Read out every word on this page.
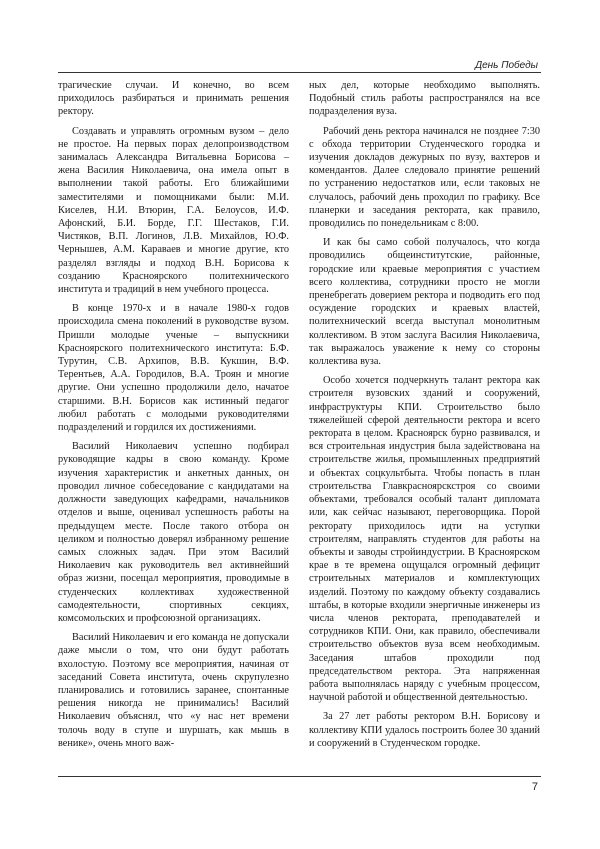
День Победы

трагические случаи. И конечно, во всем приходилось разбираться и принимать решения ректору.

Создавать и управлять огромным вузом – дело не простое. На первых порах делопроизводством занималась Александра Витальевна Борисова – жена Василия Николаевича, она имела опыт в выполнении такой работы. Его ближайшими заместителями и помощниками были: М.И. Киселев, Н.И. Втюрин, Г.А. Белоусов, И.Ф. Афонский, Б.И. Борде, Г.Г. Шестаков, Г.И. Чистяков, В.П. Логинов, Л.В. Михайлов, Ю.Ф. Чернышев, А.М. Караваев и многие другие, кто разделял взгляды и подход В.Н. Борисова к созданию Красноярского политехнического института и традиций в нем учебного процесса.

В конце 1970-х и в начале 1980-х годов происходила смена поколений в руководстве вузом. Пришли молодые ученые – выпускники Красноярского политехнического института: Б.Ф. Турутин, С.В. Архипов, В.В. Кукшин, В.Ф. Терентьев, А.А. Городилов, В.А. Троян и многие другие. Они успешно продолжили дело, начатое старшими. В.Н. Борисов как истинный педагог любил работать с молодыми руководителями подразделений и гордился их достижениями.

Василий Николаевич успешно подбирал руководящие кадры в свою команду. Кроме изучения характеристик и анкетных данных, он проводил личное собеседование с кандидатами на должности заведующих кафедрами, начальников отделов и выше, оценивал успешность работы на предыдущем месте. После такого отбора он целиком и полностью доверял избранному решение самых сложных задач. При этом Василий Николаевич как руководитель вел активнейший образ жизни, посещал мероприятия, проводимые в студенческих коллективах художественной самодеятельности, спортивных секциях, комсомольских и профсоюзной организациях.

Василий Николаевич и его команда не допускали даже мысли о том, что они будут работать вхолостую. Поэтому все мероприятия, начиная от заседаний Совета института, очень скрупулезно планировались и готовились заранее, спонтанные решения никогда не принимались! Василий Николаевич объяснял, что «у нас нет времени толочь воду в ступе и шуршать, как мышь в венике», очень много важ-

ных дел, которые необходимо выполнять. Подобный стиль работы распространялся на все подразделения вуза.

Рабочий день ректора начинался не позднее 7:30 с обхода территории Студенческого городка и изучения докладов дежурных по вузу, вахтеров и комендантов. Далее следовало принятие решений по устранению недостатков или, если таковых не случалось, рабочий день проходил по графику. Все планерки и заседания ректората, как правило, проводились по понедельникам с 8:00.

И как бы само собой получалось, что когда проводились общеинститутские, районные, городские или краевые мероприятия с участием всего коллектива, сотрудники просто не могли пренебрегать доверием ректора и подводить его под осуждение городских и краевых властей, политехнический всегда выступал монолитным коллективом. В этом заслуга Василия Николаевича, так выражалось уважение к нему со стороны коллектива вуза.

Особо хочется подчеркнуть талант ректора как строителя вузовских зданий и сооружений, инфраструктуры КПИ. Строительство было тяжелейшей сферой деятельности ректора и всего ректората в целом. Красноярск бурно развивался, и вся строительная индустрия была задействована на строительстве жилья, промышленных предприятий и объектах соцкультбыта. Чтобы попасть в план строительства Главкрасноярскстроя со своими объектами, требовался особый талант дипломата или, как сейчас называют, переговорщика. Порой ректорату приходилось идти на уступки строителям, направлять студентов для работы на объекты и заводы стройиндустрии. В Красноярском крае в те времена ощущался огромный дефицит строительных материалов и комплектующих изделий. Поэтому по каждому объекту создавались штабы, в которые входили энергичные инженеры из числа членов ректората, преподавателей и сотрудников КПИ. Они, как правило, обеспечивали строительство объектов вуза всем необходимым. Заседания штабов проходили под председательством ректора. Эта напряженная работа выполнялась наряду с учебным процессом, научной работой и общественной деятельностью.

За 27 лет работы ректором В.Н. Борисову и коллективу КПИ удалось построить более 30 зданий и сооружений в Студенческом городке.

7
